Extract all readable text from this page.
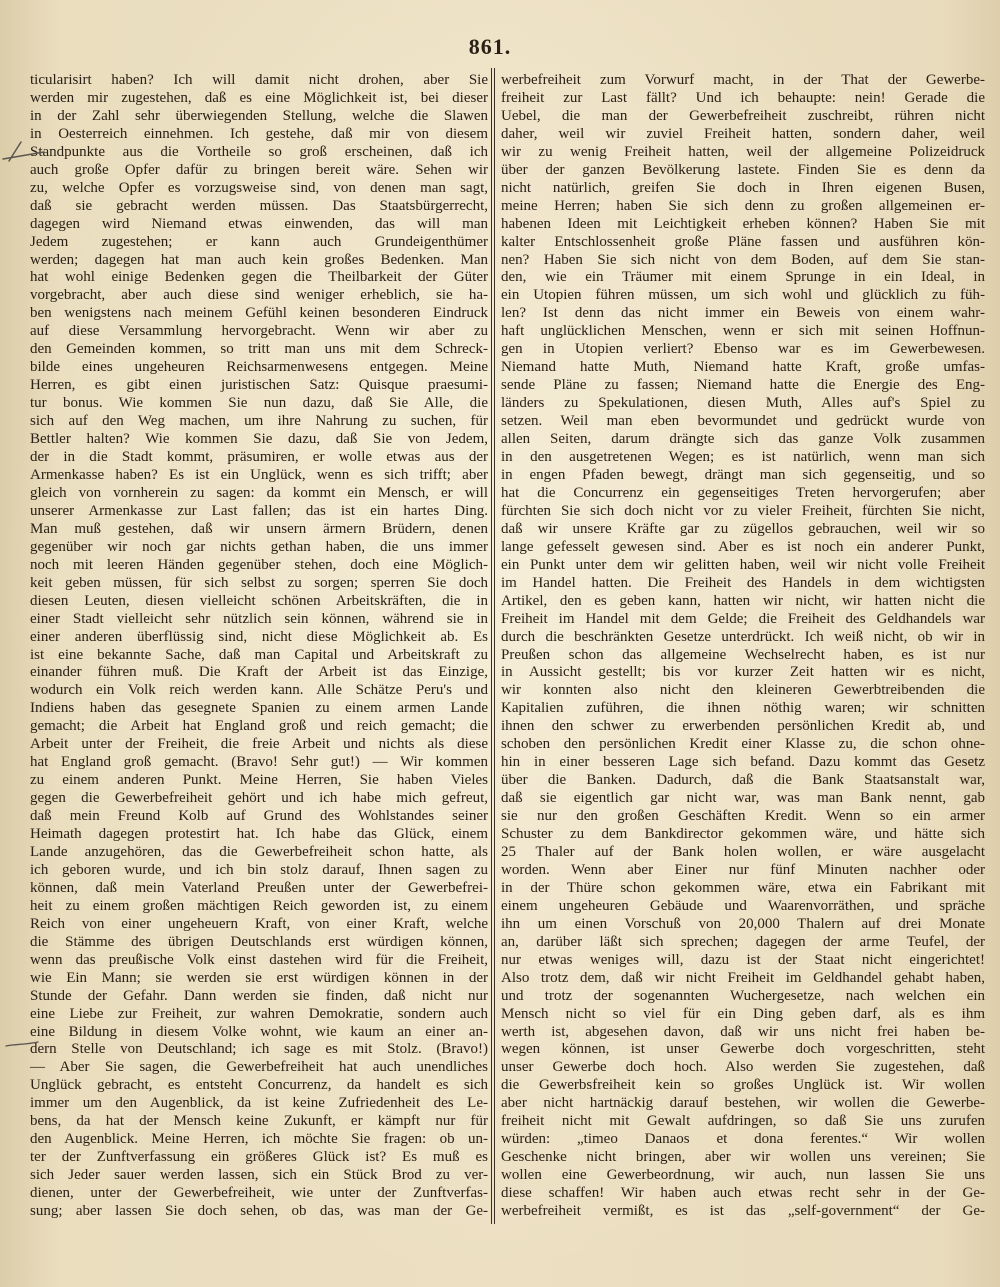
861.
ticularisirt haben? Ich will damit nicht drohen, aber Sie
werden mir zugestehen, daß es eine Möglichkeit ist, bei dieser
in der Zahl sehr überwiegenden Stellung, welche die Slawen
in Oesterreich einnehmen. Ich gestehe, daß mir von diesem
Standpunkte aus die Vortheile so groß erscheinen, daß ich
auch große Opfer dafür zu bringen bereit wäre. Sehen wir
zu, welche Opfer es vorzugsweise sind, von denen man sagt,
daß sie gebracht werden müssen. Das Staatsbürgerrecht,
dagegen wird Niemand etwas einwenden, das will man
Jedem zugestehen; er kann auch Grundeigenthümer
werden; dagegen hat man auch kein großes Bedenken. Man
hat wohl einige Bedenken gegen die Theilbarkeit der Güter
vorgebracht, aber auch diese sind weniger erheblich, sie ha-
ben wenigstens nach meinem Gefühl keinen besonderen Eindruck
auf diese Versammlung hervorgebracht. Wenn wir aber zu
den Gemeinden kommen, so tritt man uns mit dem Schreck-
bilde eines ungeheuren Reichsarmenwesens entgegen. Meine
Herren, es gibt einen juristischen Satz: Quisque praesumi-
tur bonus. Wie kommen Sie nun dazu, daß Sie Alle, die
sich auf den Weg machen, um ihre Nahrung zu suchen, für
Bettler halten? Wie kommen Sie dazu, daß Sie von Jedem,
der in die Stadt kommt, präsumiren, er wolle etwas aus der
Armenkasse haben? Es ist ein Unglück, wenn es sich trifft; aber
gleich von vornherein zu sagen: da kommt ein Mensch, er will
unserer Armenkasse zur Last fallen; das ist ein hartes Ding.
Man muß gestehen, daß wir unsern ärmern Brüdern, denen
gegenüber wir noch gar nichts gethan haben, die uns immer
noch mit leeren Händen gegenüber stehen, doch eine Möglich-
keit geben müssen, für sich selbst zu sorgen; sperren Sie doch
diesen Leuten, diesen vielleicht schönen Arbeitskräften, die in
einer Stadt vielleicht sehr nützlich sein können, während sie in
einer anderen überflüssig sind, nicht diese Möglichkeit ab. Es
ist eine bekannte Sache, daß man Capital und Arbeitskraft zu
einander führen muß. Die Kraft der Arbeit ist das Einzige,
wodurch ein Volk reich werden kann. Alle Schätze Peru's und
Indiens haben das gesegnete Spanien zu einem armen Lande
gemacht; die Arbeit hat England groß und reich gemacht; die
Arbeit unter der Freiheit, die freie Arbeit und nichts als diese
hat England groß gemacht. (Bravo! Sehr gut!) — Wir kommen
zu einem anderen Punkt. Meine Herren, Sie haben Vieles
gegen die Gewerbefreiheit gehört und ich habe mich gefreut,
daß mein Freund Kolb auf Grund des Wohlstandes seiner
Heimath dagegen protestirt hat. Ich habe das Glück, einem
Lande anzugehören, das die Gewerbefreiheit schon hatte, als
ich geboren wurde, und ich bin stolz darauf, Ihnen sagen zu
können, daß mein Vaterland Preußen unter der Gewerbefrei-
heit zu einem großen mächtigen Reich geworden ist, zu einem
Reich von einer ungeheuern Kraft, von einer Kraft, welche
die Stämme des übrigen Deutschlands erst würdigen können,
wenn das preußische Volk einst dastehen wird für die Freiheit,
wie Ein Mann; sie werden sie erst würdigen können in der
Stunde der Gefahr. Dann werden sie finden, daß nicht nur
eine Liebe zur Freiheit, zur wahren Demokratie, sondern auch
eine Bildung in diesem Volke wohnt, wie kaum an einer an-
dern Stelle von Deutschland; ich sage es mit Stolz. (Bravo!)
— Aber Sie sagen, die Gewerbefreiheit hat auch unendliches
Unglück gebracht, es entsteht Concurrenz, da handelt es sich
immer um den Augenblick, da ist keine Zufriedenheit des Le-
bens, da hat der Mensch keine Zukunft, er kämpft nur für
den Augenblick. Meine Herren, ich möchte Sie fragen: ob un-
ter der Zunftverfassung ein größeres Glück ist? Es muß es
sich Jeder sauer werden lassen, sich ein Stück Brod zu ver-
dienen, unter der Gewerbefreiheit, wie unter der Zunftverfas-
sung; aber lassen Sie doch sehen, ob das, was man der Ge-
werbefreiheit zum Vorwurf macht, in der That der Gewerbe-
freiheit zur Last fällt? Und ich behaupte: nein! Gerade die
Uebel, die man der Gewerbefreiheit zuschreibt, rühren nicht
daher, weil wir zuviel Freiheit hatten, sondern daher, weil
wir zu wenig Freiheit hatten, weil der allgemeine Polizeidruck
über der ganzen Bevölkerung lastete. Finden Sie es denn da
nicht natürlich, greifen Sie doch in Ihren eigenen Busen,
meine Herren; haben Sie sich denn zu großen allgemeinen er-
habenen Ideen mit Leichtigkeit erheben können? Haben Sie mit
kalter Entschlossenheit große Pläne fassen und ausführen kön-
nen? Haben Sie sich nicht von dem Boden, auf dem Sie stan-
den, wie ein Träumer mit einem Sprunge in ein Ideal, in
ein Utopien führen müssen, um sich wohl und glücklich zu füh-
len? Ist denn das nicht immer ein Beweis von einem wahr-
haft unglücklichen Menschen, wenn er sich mit seinen Hoffnun-
gen in Utopien verliert? Ebenso war es im Gewerbewesen.
Niemand hatte Muth, Niemand hatte Kraft, große umfas-
sende Pläne zu fassen; Niemand hatte die Energie des Eng-
länders zu Spekulationen, diesen Muth, Alles auf's Spiel zu
setzen. Weil man eben bevormundet und gedrückt wurde von
allen Seiten, darum drängte sich das ganze Volk zusammen
in den ausgetretenen Wegen; es ist natürlich, wenn man sich
in engen Pfaden bewegt, drängt man sich gegenseitig, und so
hat die Concurrenz ein gegenseitiges Treten hervorgerufen; aber
fürchten Sie sich doch nicht vor zu vieler Freiheit, fürchten Sie nicht,
daß wir unsere Kräfte gar zu zügellos gebrauchen, weil wir so
lange gefesselt gewesen sind. Aber es ist noch ein anderer Punkt,
ein Punkt unter dem wir gelitten haben, weil wir nicht volle Freiheit
im Handel hatten. Die Freiheit des Handels in dem wichtigsten
Artikel, den es geben kann, hatten wir nicht, wir hatten nicht die
Freiheit im Handel mit dem Gelde; die Freiheit des Geldhandels war
durch die beschränkten Gesetze unterdrückt. Ich weiß nicht, ob wir in
Preußen schon das allgemeine Wechselrecht haben, es ist nur
in Aussicht gestellt; bis vor kurzer Zeit hatten wir es nicht,
wir konnten also nicht den kleineren Gewerbtreibenden die
Kapitalien zuführen, die ihnen nöthig waren; wir schnitten
ihnen den schwer zu erwerbenden persönlichen Kredit ab, und
schoben den persönlichen Kredit einer Klasse zu, die schon ohne-
hin in einer besseren Lage sich befand. Dazu kommt das Gesetz
über die Banken. Dadurch, daß die Bank Staatsanstalt war,
daß sie eigentlich gar nicht war, was man Bank nennt, gab
sie nur den großen Geschäften Kredit. Wenn so ein armer
Schuster zu dem Bankdirector gekommen wäre, und hätte sich
25 Thaler auf der Bank holen wollen, er wäre ausgelacht
worden. Wenn aber Einer nur fünf Minuten nachher oder
in der Thüre schon gekommen wäre, etwa ein Fabrikant mit
einem ungeheuren Gebäude und Waarenvorräthen, und spräche
ihn um einen Vorschuß von 20,000 Thalern auf drei Monate
an, darüber läßt sich sprechen; dagegen der arme Teufel, der
nur etwas weniges will, dazu ist der Staat nicht eingerichtet!
Also trotz dem, daß wir nicht Freiheit im Geldhandel gehabt haben,
und trotz der sogenannten Wuchergesetze, nach welchen ein
Mensch nicht so viel für ein Ding geben darf, als es ihm
werth ist, abgesehen davon, daß wir uns nicht frei haben be-
wegen können, ist unser Gewerbe doch vorgeschritten, steht
unser Gewerbe doch hoch. Also werden Sie zugestehen, daß
die Gewerbsfreiheit kein so großes Unglück ist. Wir wollen
aber nicht hartnäckig darauf bestehen, wir wollen die Gewerbe-
freiheit nicht mit Gewalt aufdringen, so daß Sie uns zurufen
würden: „timeo Danaos et dona ferentes.“ Wir wollen
Geschenke nicht bringen, aber wir wollen uns vereinen; Sie
wollen eine Gewerbeordnung, wir auch, nun lassen Sie uns
diese schaffen! Wir haben auch etwas recht sehr in der Ge-
werbefreiheit vermißt, es ist das „self-government“ der Ge-
